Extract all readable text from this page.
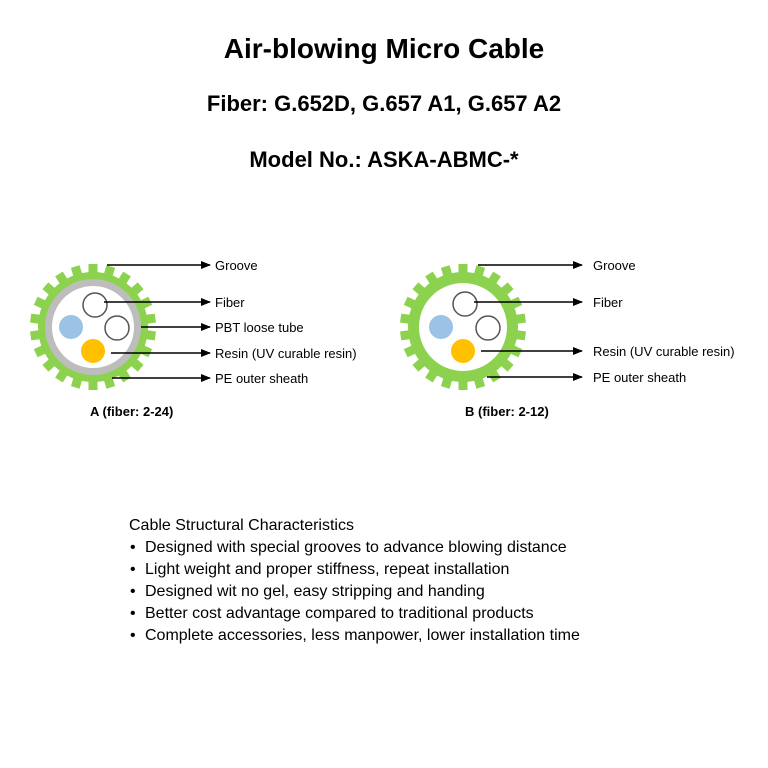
Air-blowing Micro Cable
Fiber: G.652D, G.657 A1, G.657 A2
Model No.: ASKA-ABMC-*
Groove
Fiber
PBT loose tube
Resin (UV curable resin)
PE outer sheath
A (fiber: 2-24)
Groove
Fiber
Resin (UV curable resin)
PE outer sheath
B (fiber: 2-12)
Cable Structural Characteristics
• Designed with special grooves to advance blowing distance
• Light weight and proper stiffness, repeat installation
• Designed wit no gel, easy stripping and handing
• Better cost advantage compared to traditional products
• Complete accessories, less manpower, lower installation time
